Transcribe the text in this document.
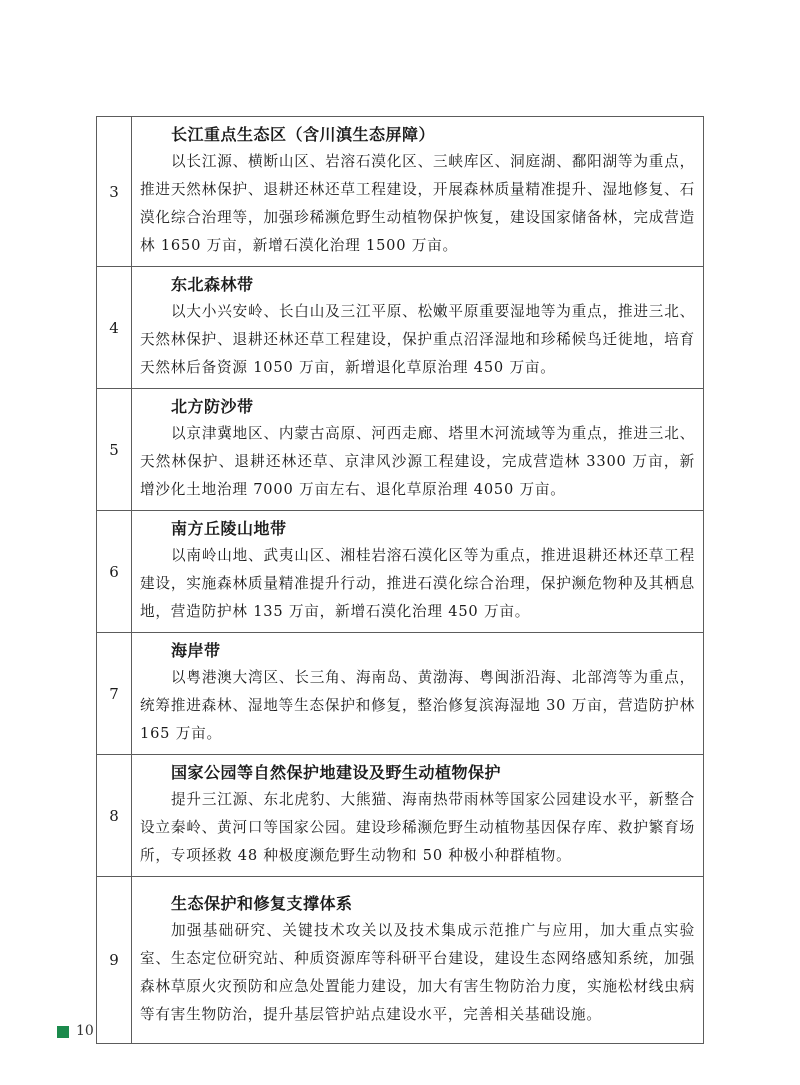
3	长江重点生态区（含川滇生态屏障）
以长江源、横断山区、岩溶石漠化区、三峡库区、洞庭湖、鄱阳湖等为重点，推进天然林保护、退耕还林还草工程建设，开展森林质量精准提升、湿地修复、石漠化综合治理等，加强珍稀濒危野生动植物保护恢复，建设国家储备林，完成营造林 1650 万亩，新增石漠化治理 1500 万亩。

4	东北森林带
以大小兴安岭、长白山及三江平原、松嫩平原重要湿地等为重点，推进三北、天然林保护、退耕还林还草工程建设，保护重点沼泽湿地和珍稀候鸟迁徙地，培育天然林后备资源 1050 万亩，新增退化草原治理 450 万亩。

5	北方防沙带
以京津冀地区、内蒙古高原、河西走廊、塔里木河流域等为重点，推进三北、天然林保护、退耕还林还草、京津风沙源工程建设，完成营造林 3300 万亩，新增沙化土地治理 7000 万亩左右、退化草原治理 4050 万亩。

6	南方丘陵山地带
以南岭山地、武夷山区、湘桂岩溶石漠化区等为重点，推进退耕还林还草工程建设，实施森林质量精准提升行动，推进石漠化综合治理，保护濒危物种及其栖息地，营造防护林 135 万亩，新增石漠化治理 450 万亩。

7	海岸带
以粤港澳大湾区、长三角、海南岛、黄渤海、粤闽浙沿海、北部湾等为重点，统筹推进森林、湿地等生态保护和修复，整治修复滨海湿地 30 万亩，营造防护林 165 万亩。

8	国家公园等自然保护地建设及野生动植物保护
提升三江源、东北虎豹、大熊猫、海南热带雨林等国家公园建设水平，新整合设立秦岭、黄河口等国家公园。建设珍稀濒危野生动植物基因保存库、救护繁育场所，专项拯救 48 种极度濒危野生动物和 50 种极小种群植物。

9	生态保护和修复支撑体系
加强基础研究、关键技术攻关以及技术集成示范推广与应用，加大重点实验室、生态定位研究站、种质资源库等科研平台建设，建设生态网络感知系统，加强森林草原火灾预防和应急处置能力建设，加大有害生物防治力度，实施松材线虫病等有害生物防治，提升基层管护站点建设水平，完善相关基础设施。
10
